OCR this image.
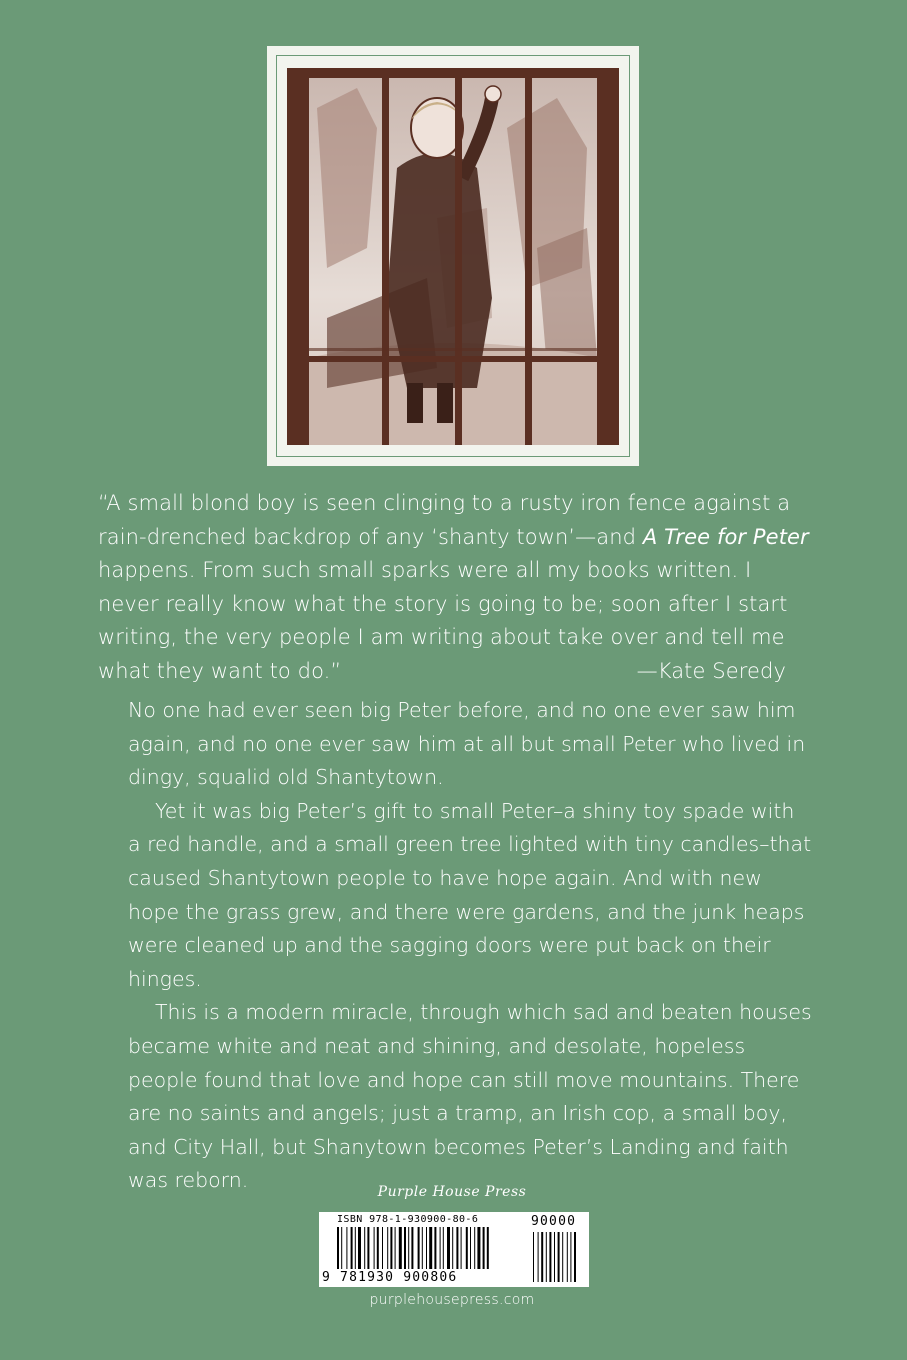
“A small blond boy is seen clinging to a rusty iron fence against a rain-drenched backdrop of any ‘shanty town’—and A Tree for Peter happens. From such small sparks were all my books written. I never really know what the story is going to be; soon after I start writing, the very people I am writing about take over and tell me what they want to do.”	—Kate Seredy

No one had ever seen big Peter before, and no one ever saw him again, and no one ever saw him at all but small Peter who lived in dingy, squalid old Shantytown.

Yet it was big Peter’s gift to small Peter–a shiny toy spade with a red handle, and a small green tree lighted with tiny candles–that caused Shantytown people to have hope again. And with new hope the grass grew, and there were gardens, and the junk heaps were cleaned up and the sagging doors were put back on their hinges.

This is a modern miracle, through which sad and beaten houses became white and neat and shining, and desolate, hopeless people found that love and hope can still move mountains. There are no saints and angels; just a tramp, an Irish cop, a small boy, and City Hall, but Shanytown becomes Peter’s Landing and faith was reborn.	Purple House Press
ISBN 978-1-930900-80-6
9 781930 900806
90000
purplehousepress.com
